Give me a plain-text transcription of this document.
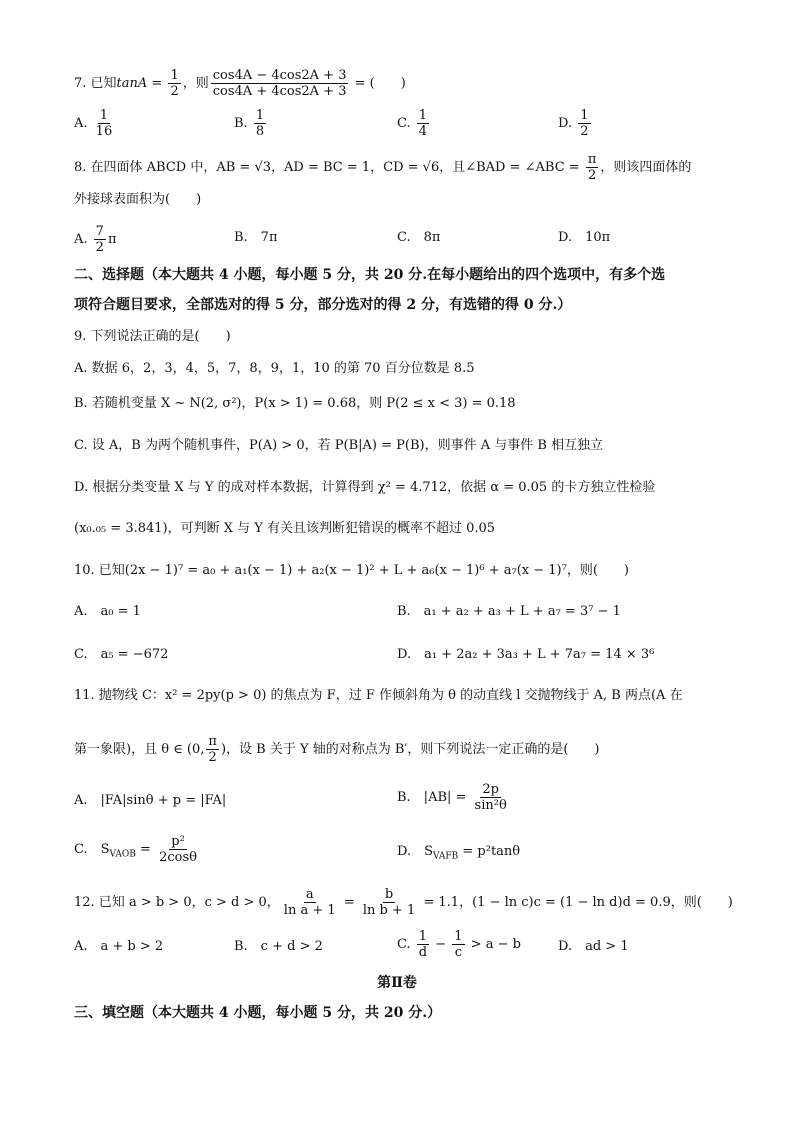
7. 已知$\tan A = \frac{1}{2}$ ，则 $\frac{\cos 4A - 4\cos 2A + 3}{\cos 4A + 4\cos 2A + 3}$ = (　　)
A. $\frac{1}{16}$	B. $\frac{1}{8}$	C. $\frac{1}{4}$	D. $\frac{1}{2}$
8. 在四面体 ABCD 中，AB = √3，AD = BC = 1，CD = √6，且∠BAD = ∠ABC = $\frac{\pi}{2}$ ，则该四面体的
外接球表面积为(　　)
A. $\frac{7}{2}$ π	B.　7π	C.　8π	D.　10π
二、选择题（本大题共 4 小题，每小题 5 分，共 20 分.在每小题给出的四个选项中，有多个选
项符合题目要求，全部选对的得 5 分，部分选对的得 2 分，有选错的得 0 分.）
9. 下列说法正确的是(　　)
A. 数据 6，2，3，4，5，7，8，9，1，10 的第 70 百分位数是 8.5
B. 若随机变量 X ~ N(2, σ²)，P(x > 1) = 0.68，则 P(2 ≤ x < 3) = 0.18
C. 设 A，B 为两个随机事件，P(A) > 0，若 P(B|A) = P(B)，则事件 A 与事件 B 相互独立
D. 根据分类变量 X 与 Y 的成对样本数据，计算得到 χ² = 4.712，依据 α = 0.05 的卡方独立性检验
(x₀.₀₅ = 3.841)，可判断 X 与 Y 有关且该判断犯错误的概率不超过 0.05
10. 已知(2x − 1)⁷ = a₀ + a₁(x − 1) + a₂(x − 1)² + L + a₆(x − 1)⁶ + a₇(x − 1)⁷，则(　　)
A.　a₀ = 1	B.　a₁ + a₂ + a₃ + L + a₇ = 3⁷ − 1
C.　a₅ = −672	D.　a₁ + 2a₂ + 3a₃ + L + 7a₇ = 14 × 3⁶
11. 抛物线 C：x² = 2py(p > 0) 的焦点为 F，过 F 作倾斜角为 θ 的动直线 l 交抛物线于 A, B 两点(A 在
第一象限)，且 θ ∈ (0, $\frac{\pi}{2}$ )，设 B 关于 Y 轴的对称点为 B′，则下列说法一定正确的是(　　)
A.　|FA|sinθ + p = |FA|	B.　$|AB| = \frac{2p}{\text{sin²θ}}$
C.　$S_{VAOB} = \frac{\text{p²}}{2\cos\theta}$	D.　$S_{VAFB} = p^2\tan\theta$
12. 已知 a > b > 0，c > d > 0， $\frac{a}{\text{ln a + 1}} = \frac{b}{\text{ln b + 1}} = 1.1$，(1 − ln c)c = (1 − ln d)d = 0.9，则(　　)
A.　a + b > 2	B.　c + d > 2	C. $\frac{1}{d} - \frac{1}{c} > a - b$	D.　ad > 1
第Ⅱ卷
三、填空题（本大题共 4 小题，每小题 5 分，共 20 分.）
